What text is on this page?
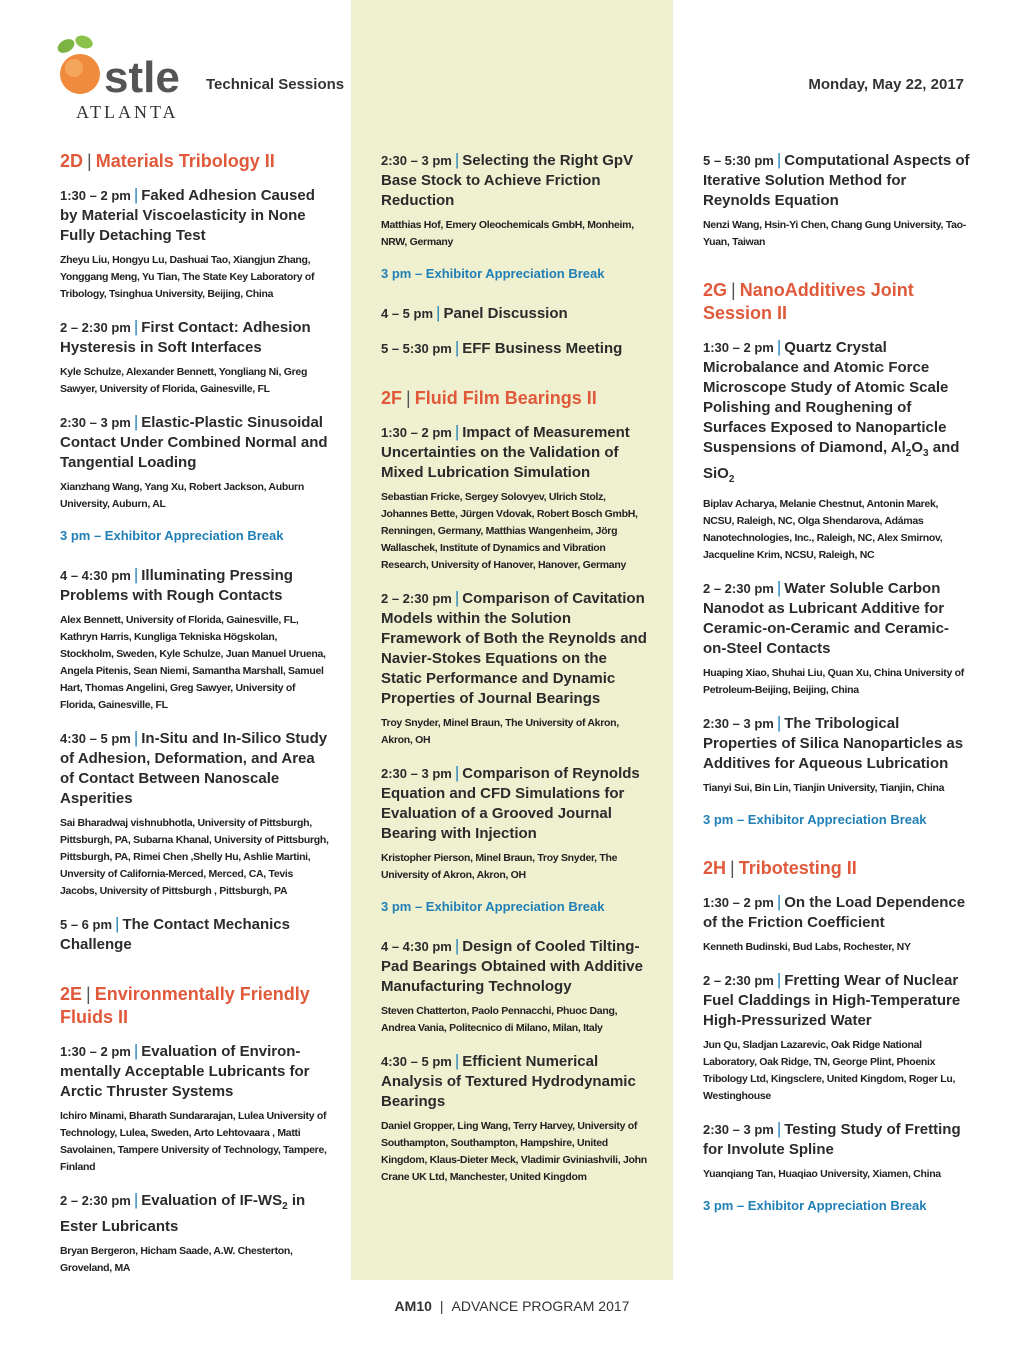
stle
ATLANTA
Technical Sessions	Monday, May 22, 2017
2D | Materials Tribology II
1:30 – 2 pm | Faked Adhesion Caused by Material Viscoelasticity in None Fully Detaching Test
Zheyu Liu, Hongyu Lu, Dashuai Tao, Xiangjun Zhang, Yonggang Meng, Yu Tian, The State Key Laboratory of Tribology, Tsinghua University, Beijing, China
2 – 2:30 pm | First Contact: Adhesion Hysteresis in Soft Interfaces
Kyle Schulze, Alexander Bennett, Yongliang Ni, Greg Sawyer, University of Florida, Gainesville, FL
2:30 – 3 pm | Elastic-Plastic Sinusoidal Contact Under Combined Normal and Tangential Loading
Xianzhang Wang, Yang Xu, Robert Jackson, Auburn University, Auburn, AL
3 pm – Exhibitor Appreciation Break
4 – 4:30 pm | Illuminating Pressing Problems with Rough Contacts
Alex Bennett, University of Florida, Gainesville, FL, Kathryn Harris, Kungliga Tekniska Högskolan, Stockholm, Sweden, Kyle Schulze, Juan Manuel Uruena, Angela Pitenis, Sean Niemi, Samantha Marshall, Samuel Hart, Thomas Angelini, Greg Sawyer, University of Florida, Gainesville, FL
4:30 – 5 pm | In-Situ and In-Silico Study of Adhesion, Deformation, and Area of Contact Between Nanoscale Asperities
Sai Bharadwaj vishnubhotla, University of Pittsburgh, Pittsburgh, PA, Subarna Khanal, University of Pittsburgh, Pittsburgh, PA, Rimei Chen ,Shelly Hu, Ashlie Martini, Unversity of California-Merced, Merced, CA, Tevis Jacobs, University of Pittsburgh , Pittsburgh, PA
5 – 6 pm | The Contact Mechanics Challenge
2E | Environmentally Friendly Fluids II
1:30 – 2 pm | Evaluation of Environ-mentally Acceptable Lubricants for Arctic Thruster Systems
Ichiro Minami, Bharath Sundararajan, Lulea University of Technology, Lulea, Sweden, Arto Lehtovaara , Matti Savolainen, Tampere University of Technology, Tampere, Finland
2 – 2:30 pm | Evaluation of $IF-WS_2$ in Ester Lubricants
Bryan Bergeron, Hicham Saade, A.W. Chesterton, Groveland, MA
2:30 – 3 pm | Selecting the Right GpV Base Stock to Achieve Friction Reduction
Matthias Hof, Emery Oleochemicals GmbH, Monheim, NRW, Germany
3 pm – Exhibitor Appreciation Break
4 – 5 pm | Panel Discussion
5 – 5:30 pm | EFF Business Meeting
2F | Fluid Film Bearings II
1:30 – 2 pm | Impact of Measurement Uncertainties on the Validation of Mixed Lubrication Simulation
Sebastian Fricke, Sergey Solovyev, Ulrich Stolz, Johannes Bette, Jürgen Vdovak, Robert Bosch GmbH, Renningen, Germany, Matthias Wangenheim, Jörg Wallaschek, Institute of Dynamics and Vibration Research, University of Hanover, Hanover, Germany
2 – 2:30 pm | Comparison of Cavitation Models within the Solution Framework of Both the Reynolds and Navier-Stokes Equations on the Static Performance and Dynamic Properties of Journal Bearings
Troy Snyder, Minel Braun, The University of Akron, Akron, OH
2:30 – 3 pm | Comparison of Reynolds Equation and CFD Simulations for Evaluation of a Grooved Journal Bearing with Injection
Kristopher Pierson, Minel Braun, Troy Snyder, The University of Akron, Akron, OH
3 pm – Exhibitor Appreciation Break
4 – 4:30 pm | Design of Cooled Tilting-Pad Bearings Obtained with Additive Manufacturing Technology
Steven Chatterton, Paolo Pennacchi, Phuoc Dang, Andrea Vania, Politecnico di Milano, Milan, Italy
4:30 – 5 pm | Efficient Numerical Analysis of Textured Hydrodynamic Bearings
Daniel Gropper, Ling Wang, Terry Harvey, University of Southampton, Southampton, Hampshire, United Kingdom, Klaus-Dieter Meck, Vladimir Gviniashvili, John Crane UK Ltd, Manchester, United Kingdom
5 – 5:30 pm | Computational Aspects of Iterative Solution Method for Reynolds Equation
Nenzi Wang, Hsin-Yi Chen, Chang Gung University, Tao-Yuan, Taiwan
2G | NanoAdditives Joint Session II
1:30 – 2 pm | Quartz Crystal Microbalance and Atomic Force Microscope Study of Atomic Scale Polishing and Roughening of Surfaces Exposed to Nanoparticle Suspensions of Diamond, $Al_2O_3$ and SiO$_2$
Biplav Acharya, Melanie Chestnut, Antonin Marek, NCSU, Raleigh, NC, Olga Shendarova, Adámas Nanotechnologies, Inc., Raleigh, NC, Alex Smirnov, Jacqueline Krim, NCSU, Raleigh, NC
2 – 2:30 pm | Water Soluble Carbon Nanodot as Lubricant Additive for Ceramic-on-Ceramic and Ceramic-on-Steel Contacts
Huaping Xiao, Shuhai Liu, Quan Xu, China University of Petroleum-Beijing, Beijing, China
2:30 – 3 pm | The Tribological Properties of Silica Nanoparticles as Additives for Aqueous Lubrication
Tianyi Sui, Bin Lin, Tianjin University, Tianjin, China
3 pm – Exhibitor Appreciation Break
2H | Tribotesting II
1:30 – 2 pm | On the Load Dependence of the Friction Coefficient
Kenneth Budinski, Bud Labs, Rochester, NY
2 – 2:30 pm | Fretting Wear of Nuclear Fuel Claddings in High-Temperature High-Pressurized Water
Jun Qu, Sladjan Lazarevic, Oak Ridge National Laboratory, Oak Ridge, TN, George Plint, Phoenix Tribology Ltd, Kingsclere, United Kingdom, Roger Lu, Westinghouse
2:30 – 3 pm | Testing Study of Fretting for Involute Spline
Yuanqiang Tan, Huaqiao University, Xiamen, China
3 pm – Exhibitor Appreciation Break
AM10 | ADVANCE PROGRAM 2017
